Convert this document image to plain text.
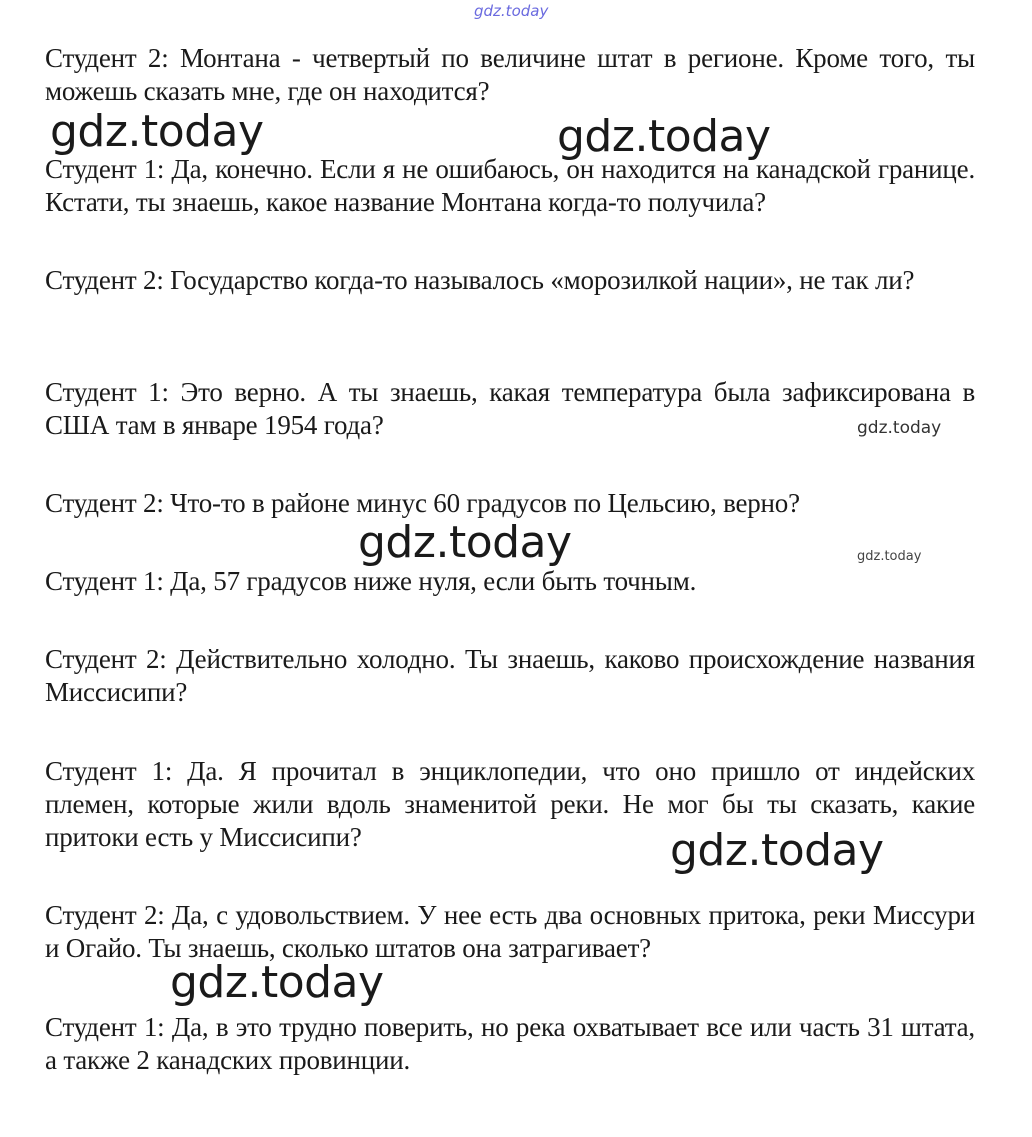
gdz.today

Студент 2: Монтана - четвертый по величине штат в регионе. Кроме того, ты можешь сказать мне, где он находится?

gdz.today	gdz.today

Студент 1: Да, конечно. Если я не ошибаюсь, он находится на канадской границе. Кстати, ты знаешь, какое название Монтана когда-то получила?

Студент 2: Государство когда-то называлось «морозилкой нации», не так ли?

Студент 1: Это верно. А ты знаешь, какая температура была зафиксирована в США там в январе 1954 года?	gdz.today

Студент 2: Что-то в районе минус 60 градусов по Цельсию, верно?

gdz.today	gdz.today

Студент 1: Да, 57 градусов ниже нуля, если быть точным.

Студент 2: Действительно холодно. Ты знаешь, каково происхождение названия Миссисипи?

Студент 1: Да. Я прочитал в энциклопедии, что оно пришло от индейских племен, которые жили вдоль знаменитой реки. Не мог бы ты сказать, какие притоки есть у Миссисипи?	gdz.today

Студент 2: Да, с удовольствием. У нее есть два основных притока, реки Миссури и Огайо. Ты знаешь, сколько штатов она затрагивает?

gdz.today

Студент 1: Да, в это трудно поверить, но река охватывает все или часть 31 штата, а также 2 канадских провинции.
